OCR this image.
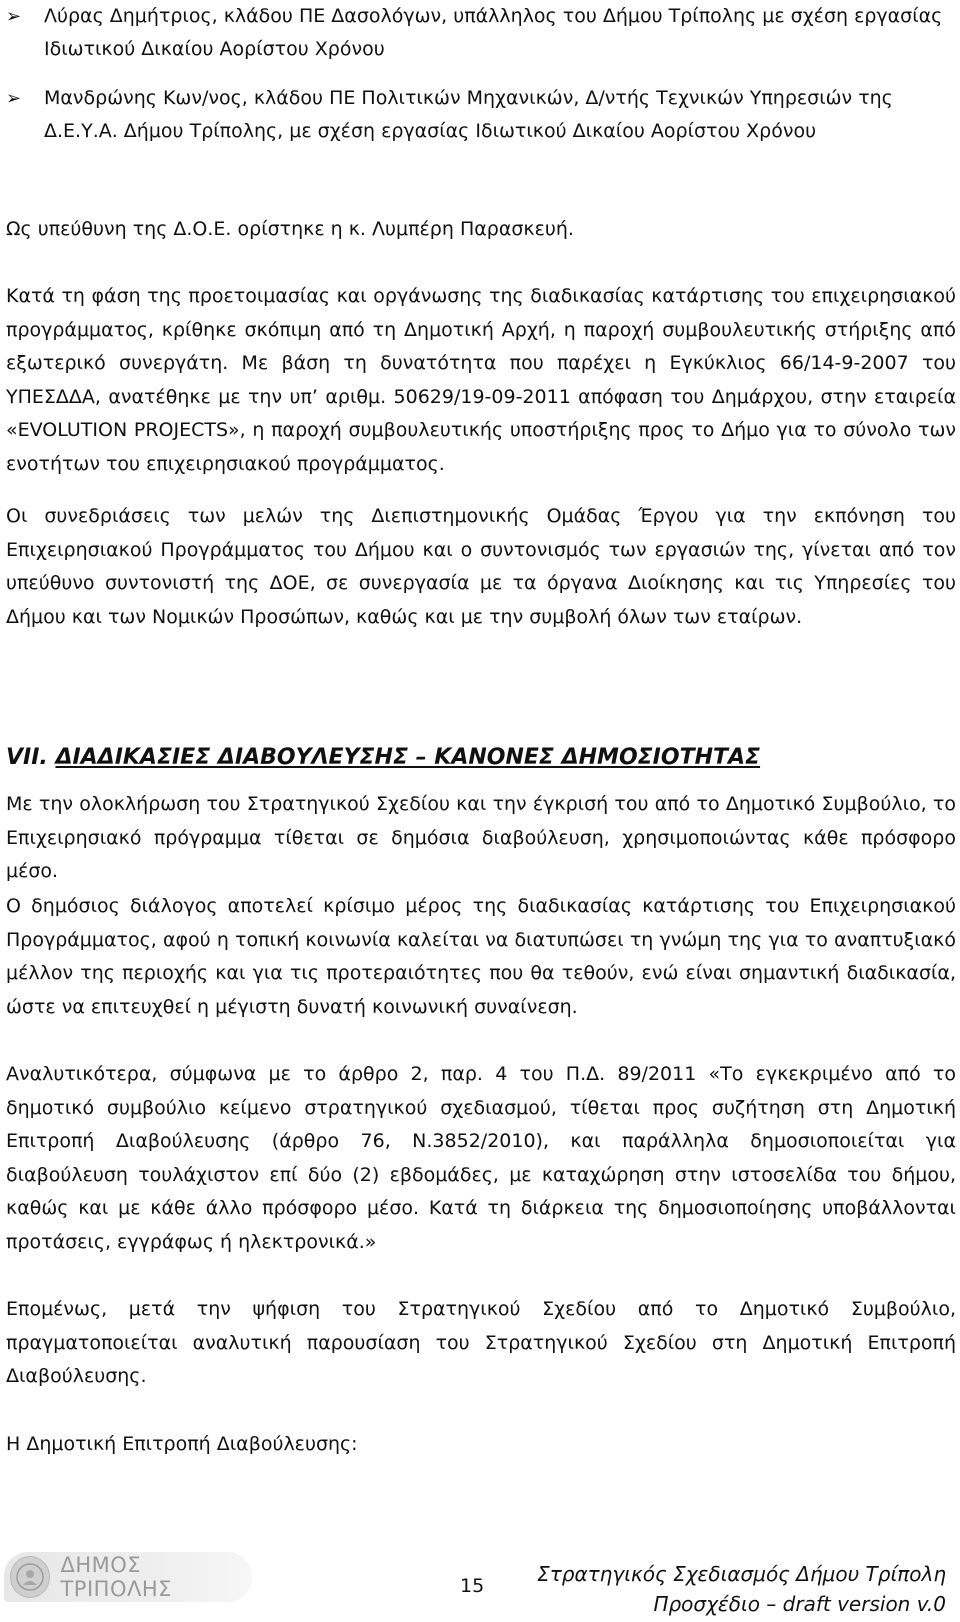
➢ Λύρας Δημήτριος, κλάδου ΠΕ Δασολόγων, υπάλληλος του Δήμου Τρίπολης με σχέση εργασίας Ιδιωτικού Δικαίου Αορίστου Χρόνου
➢ Μανδρώνης Κων/νος, κλάδου ΠΕ Πολιτικών Μηχανικών, Δ/ντής Τεχνικών Υπηρεσιών της Δ.Ε.Υ.Α. Δήμου Τρίπολης, με σχέση εργασίας Ιδιωτικού Δικαίου Αορίστου Χρόνου

Ως υπεύθυνη της Δ.Ο.Ε. ορίστηκε η κ. Λυμπέρη Παρασκευή.

Κατά τη φάση της προετοιμασίας και οργάνωσης της διαδικασίας κατάρτισης του επιχειρησιακού προγράμματος, κρίθηκε σκόπιμη από τη Δημοτική Αρχή, η παροχή συμβουλευτικής στήριξης από εξωτερικό συνεργάτη. Με βάση τη δυνατότητα που παρέχει η Εγκύκλιος 66/14-9-2007 του ΥΠΕΣΔΔΑ, ανατέθηκε με την υπ’ αριθμ. 50629/19-09-2011 απόφαση του Δημάρχου, στην εταιρεία «EVOLUTION PROJECTS», η παροχή συμβουλευτικής υποστήριξης προς το Δήμο για το σύνολο των ενοτήτων του επιχειρησιακού προγράμματος.

Οι συνεδριάσεις των μελών της Διεπιστημονικής Ομάδας Έργου για την εκπόνηση του Επιχειρησιακού Προγράμματος του Δήμου και ο συντονισμός των εργασιών της, γίνεται από τον υπεύθυνο συντονιστή της ΔΟΕ, σε συνεργασία με τα όργανα Διοίκησης και τις Υπηρεσίες του Δήμου και των Νομικών Προσώπων, καθώς και με την συμβολή όλων των εταίρων.

VII. ΔΙΑΔΙΚΑΣΙΕΣ ΔΙΑΒΟΥΛΕΥΣΗΣ – ΚΑΝΟΝΕΣ ΔΗΜΟΣΙΟΤΗΤΑΣ

Με την ολοκλήρωση του Στρατηγικού Σχεδίου και την έγκρισή του από το Δημοτικό Συμβούλιο, το Επιχειρησιακό πρόγραμμα τίθεται σε δημόσια διαβούλευση, χρησιμοποιώντας κάθε πρόσφορο μέσο.

Ο δημόσιος διάλογος αποτελεί κρίσιμο μέρος της διαδικασίας κατάρτισης του Επιχειρησιακού Προγράμματος, αφού η τοπική κοινωνία καλείται να διατυπώσει τη γνώμη της για το αναπτυξιακό μέλλον της περιοχής και για τις προτεραιότητες που θα τεθούν, ενώ είναι σημαντική διαδικασία, ώστε να επιτευχθεί η μέγιστη δυνατή κοινωνική συναίνεση.

Αναλυτικότερα, σύμφωνα με το άρθρο 2, παρ. 4 του Π.Δ. 89/2011 «Το εγκεκριμένο από το δημοτικό συμβούλιο κείμενο στρατηγικού σχεδιασμού, τίθεται προς συζήτηση στη Δημοτική Επιτροπή Διαβούλευσης (άρθρο 76, Ν.3852/2010), και παράλληλα δημοσιοποιείται για διαβούλευση τουλάχιστον επί δύο (2) εβδομάδες, με καταχώρηση στην ιστοσελίδα του δήμου, καθώς και με κάθε άλλο πρόσφορο μέσο. Κατά τη διάρκεια της δημοσιοποίησης υποβάλλονται προτάσεις, εγγράφως ή ηλεκτρονικά.»

Επομένως, μετά την ψήφιση του Στρατηγικού Σχεδίου από το Δημοτικό Συμβούλιο, πραγματοποιείται αναλυτική παρουσίαση του Στρατηγικού Σχεδίου στη Δημοτική Επιτροπή Διαβούλευσης.

Η Δημοτική Επιτροπή Διαβούλευσης:

ΔΗΜΟΣ ΤΡΙΠΟΛΗΣ	15	Στρατηγικός Σχεδιασμός Δήμου Τρίπολη
Προσχέδιο – draft version v.0
